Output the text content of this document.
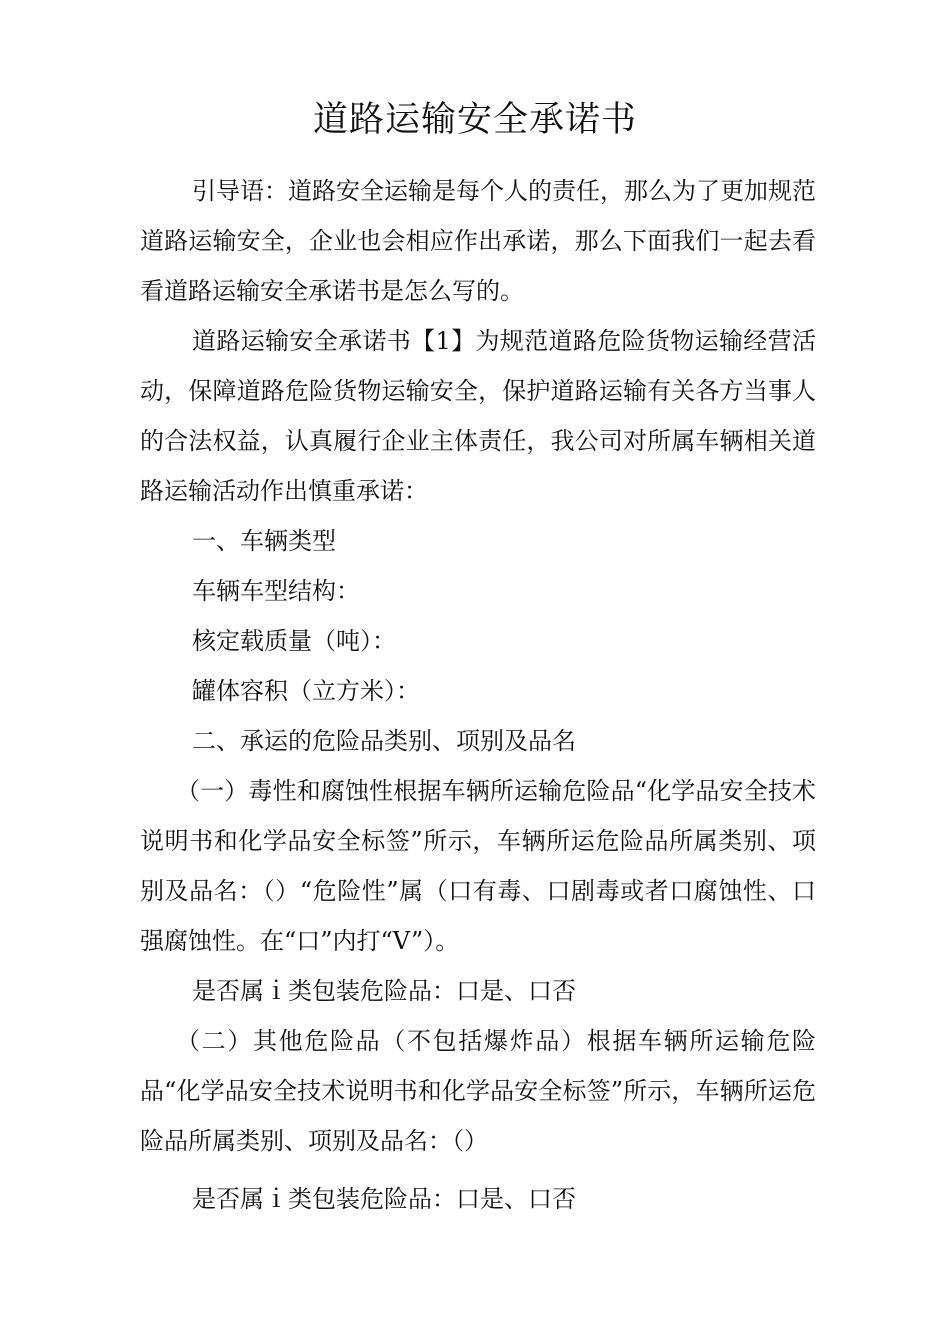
道路运输安全承诺书

引导语：道路安全运输是每个人的责任，那么为了更加规范道路运输安全，企业也会相应作出承诺，那么下面我们一起去看看道路运输安全承诺书是怎么写的。

道路运输安全承诺书【1】为规范道路危险货物运输经营活动，保障道路危险货物运输安全，保护道路运输有关各方当事人的合法权益，认真履行企业主体责任，我公司对所属车辆相关道路运输活动作出慎重承诺：

一、车辆类型

车辆车型结构：

核定载质量（吨）：

罐体容积（立方米）：

二、承运的危险品类别、项别及品名

（一）毒性和腐蚀性根据车辆所运输危险品“化学品安全技术说明书和化学品安全标签”所示，车辆所运危险品所属类别、项别及品名：（）“危险性”属（口有毒、口剧毒或者口腐蚀性、口强腐蚀性。在“口”内打“V”）。

是否属ｉ类包装危险品：口是、口否

（二）其他危险品（不包括爆炸品）根据车辆所运输危险品“化学品安全技术说明书和化学品安全标签”所示，车辆所运危险品所属类别、项别及品名：（）

是否属ｉ类包装危险品：口是、口否
